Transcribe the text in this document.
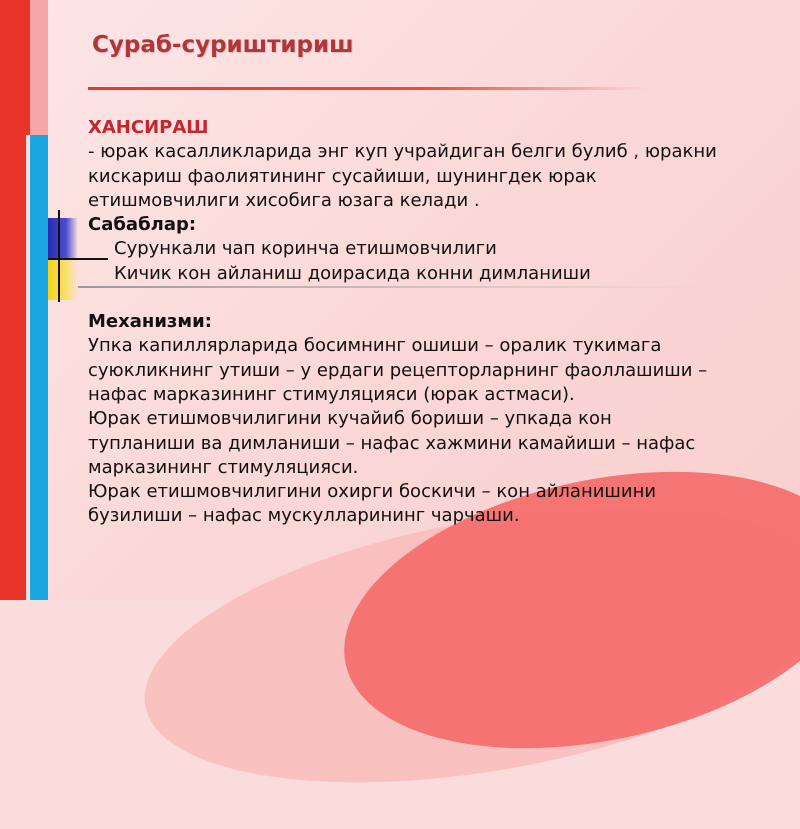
Сураб-суриштириш

ХАНСИРАШ

- юрак касалликларида энг куп учрайдиган белги булиб , юракни

кискариш фаолиятининг сусайиши, шунингдек юрак

етишмовчилиги хисобига юзага келади .

Сабаблар:

Сурункали чап коринча етишмовчилиги

Кичик кон айланиш доирасида конни димланиши

Механизми:

Упка капиллярларида босимнинг ошиши – оралик тукимага

суюкликнинг утиши – у ердаги рецепторларнинг фаоллашиши –

нафас марказининг стимуляцияси (юрак астмаси).

Юрак етишмовчилигини кучайиб бориши – упкада кон

тупланиши ва димланиши – нафас хажмини камайиши – нафас

марказининг стимуляцияси.

Юрак етишмовчилигини охирги боскичи – кон айланишини

бузилиши – нафас мускулларининг чарчаши.
